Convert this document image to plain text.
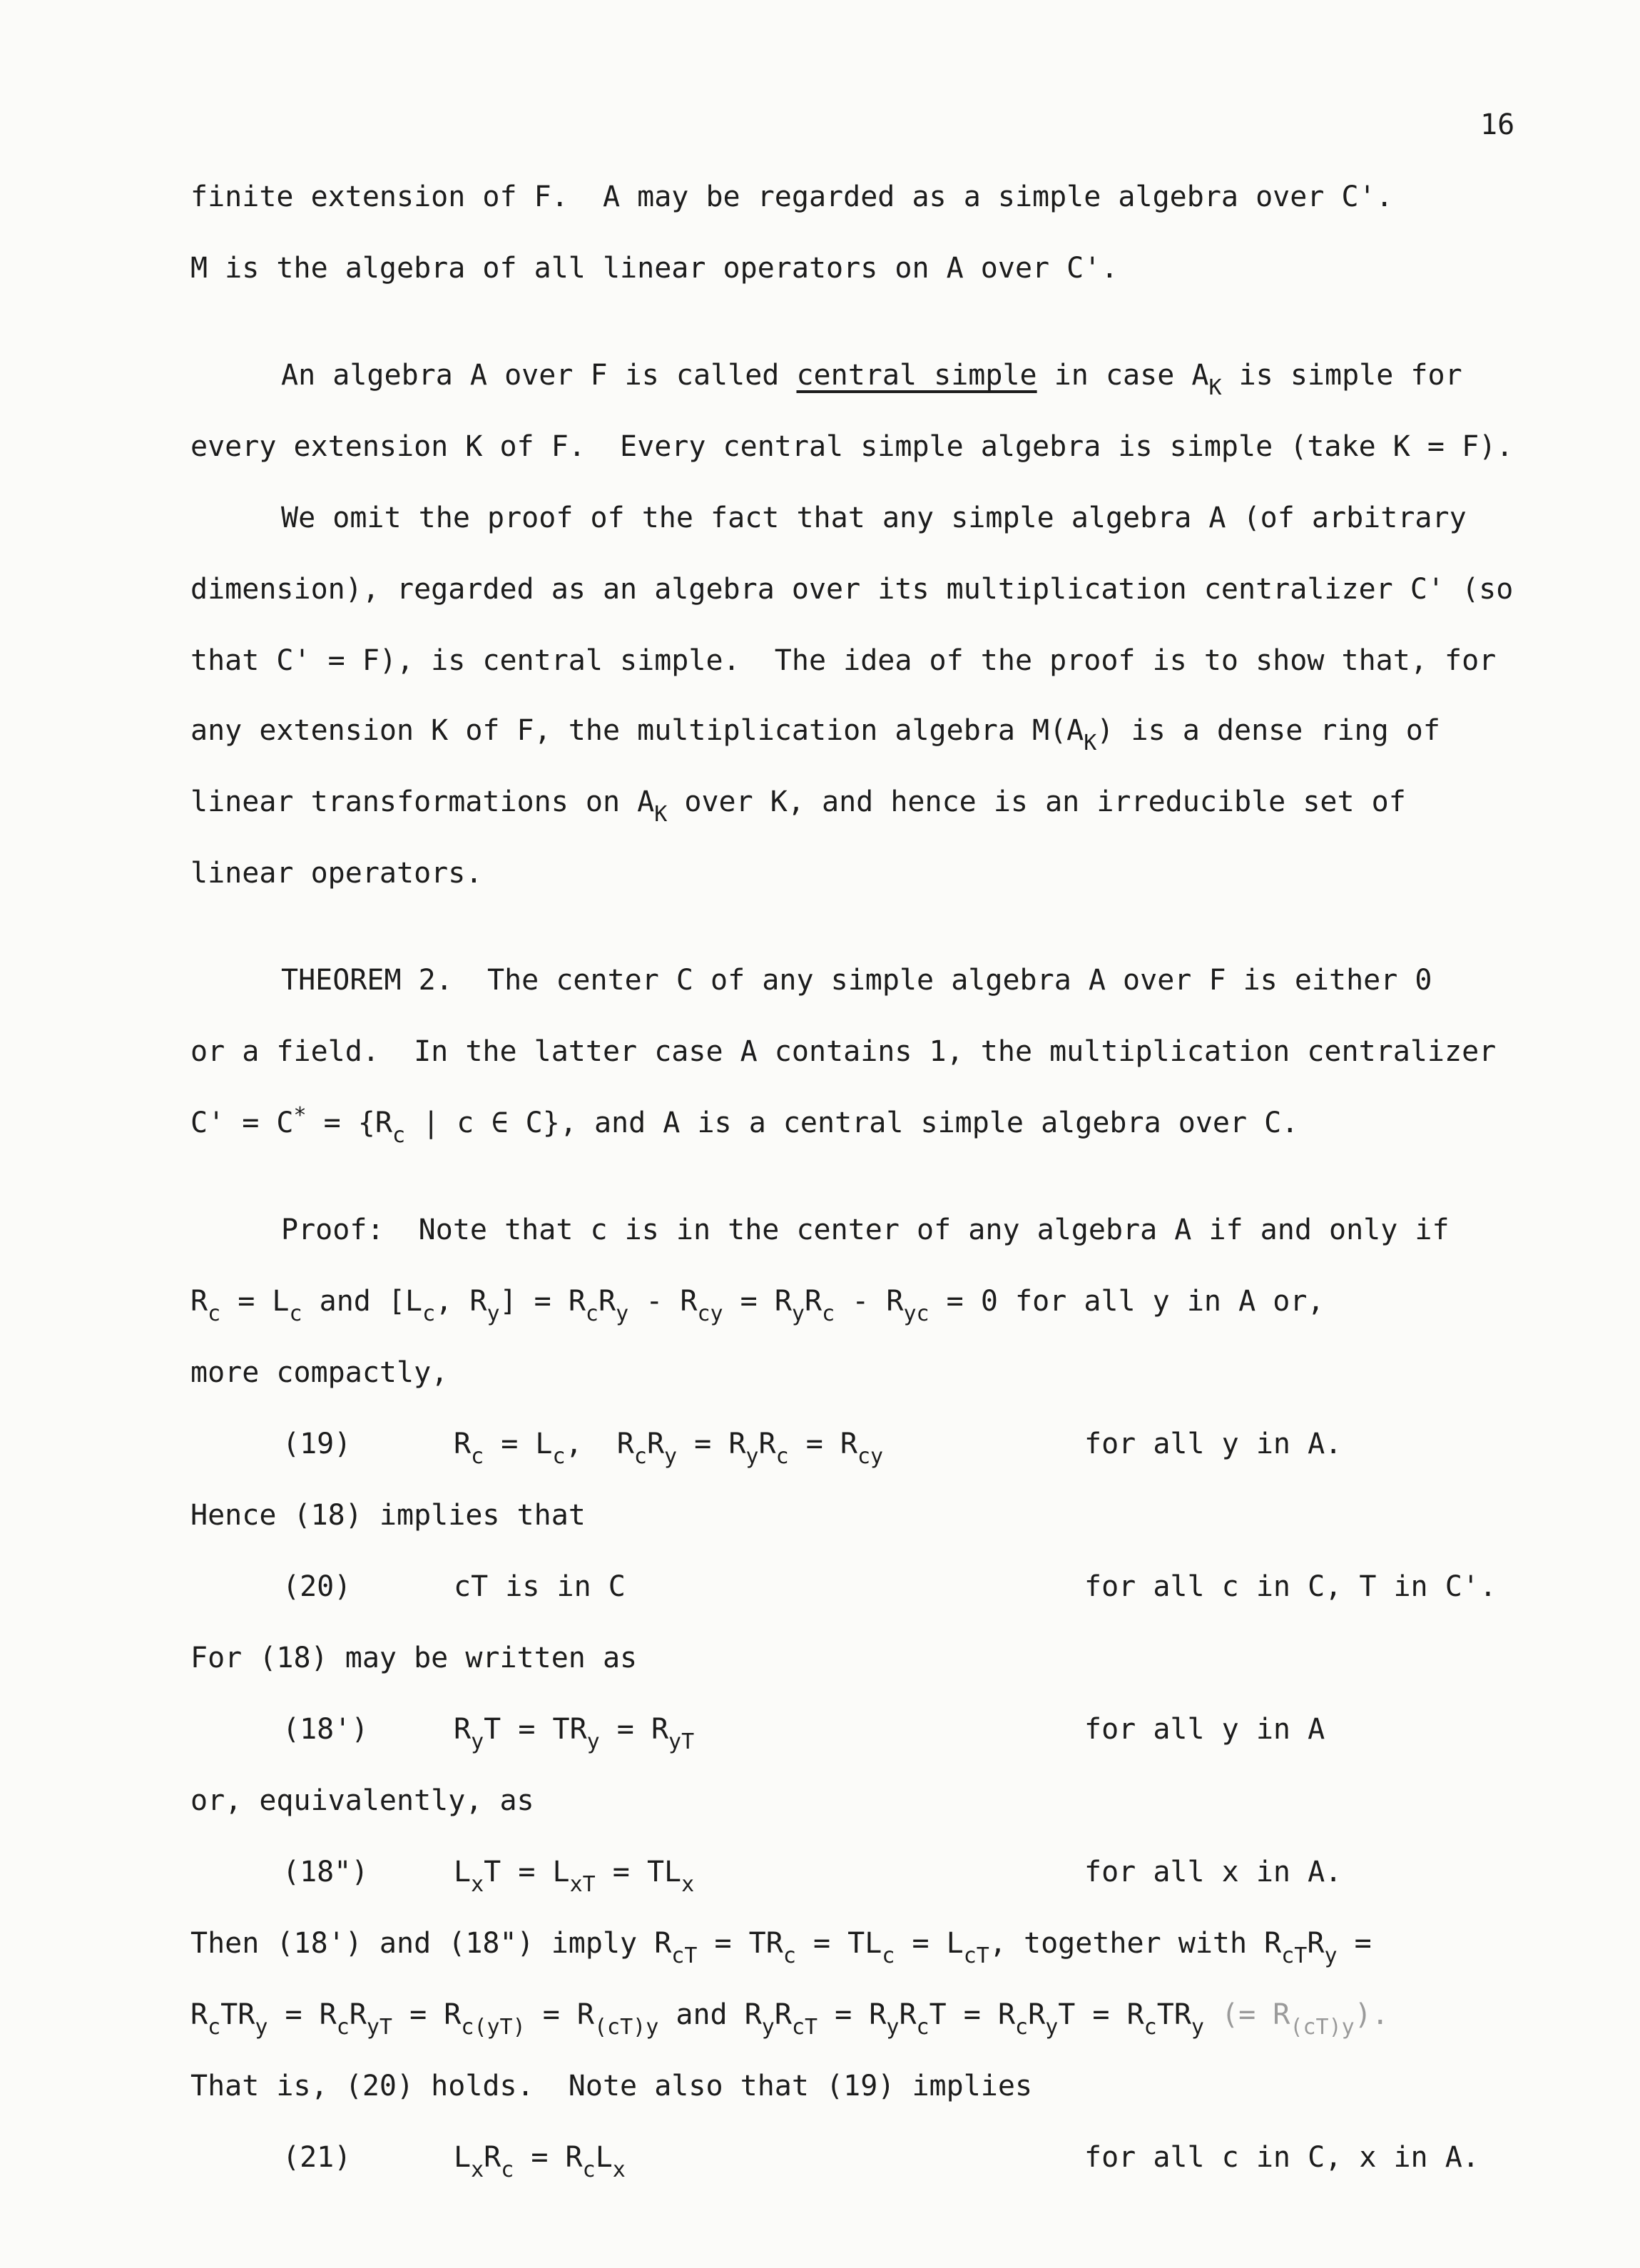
16
finite extension of F.  A may be regarded as a simple algebra over C'.
M is the algebra of all linear operators on A over C'.
An algebra A over F is called central simple in case $A_K$ is simple for
every extension K of F.  Every central simple algebra is simple (take K = F).
We omit the proof of the fact that any simple algebra A (of arbitrary
dimension), regarded as an algebra over its multiplication centralizer C' (so
that C' = F), is central simple.  The idea of the proof is to show that, for
any extension K of F, the multiplication algebra $M(A_K)$ is a dense ring of
linear transformations on $A_K$ over K, and hence is an irreducible set of
linear operators.
THEOREM 2.  The center C of any simple algebra A over F is either 0
or a field.  In the latter case A contains 1, the multiplication centralizer
$C' = C^* = \{R_c$ | c ∈ C}, and A is a central simple algebra over C.
Proof:  Note that c is in the center of any algebra A if and only if
$R_c = L_c$ and [$L_c$, $R_y] = R_cR_y - R_{cy} = R_yR_c - R_{yc} = 0$ for all y in A or,
more compactly,
(19)	$R_c = L_c$,  $R_cR_y = R_yR_c = R_{cy}$	for all y in A.
Hence (18) implies that
(20)	cT is in C	for all c in C, T in C'.
For (18) may be written as
(18')	$R_yT = TR_y = R_{yT}$	for all y in A
or, equivalently, as
(18")	$L_xT = L_{xT} = TL_x$	for all x in A.
Then (18') and (18") imply $R_{cT} = TR_c = TL_c = L_{cT}$, together with $R_{cT}R_y$ =
$R_cTR_y = R_cR_{yT} = R_{c(yT)} = R_{(cT)y}$ and $R_yR_{cT} = R_yR_cT = R_cR_yT = R_cTR_y$ (= $R_{(cT)y}$).
That is, (20) holds.  Note also that (19) implies
(21)	$L_xR_c = R_cL_x$	for all c in C, x in A.
